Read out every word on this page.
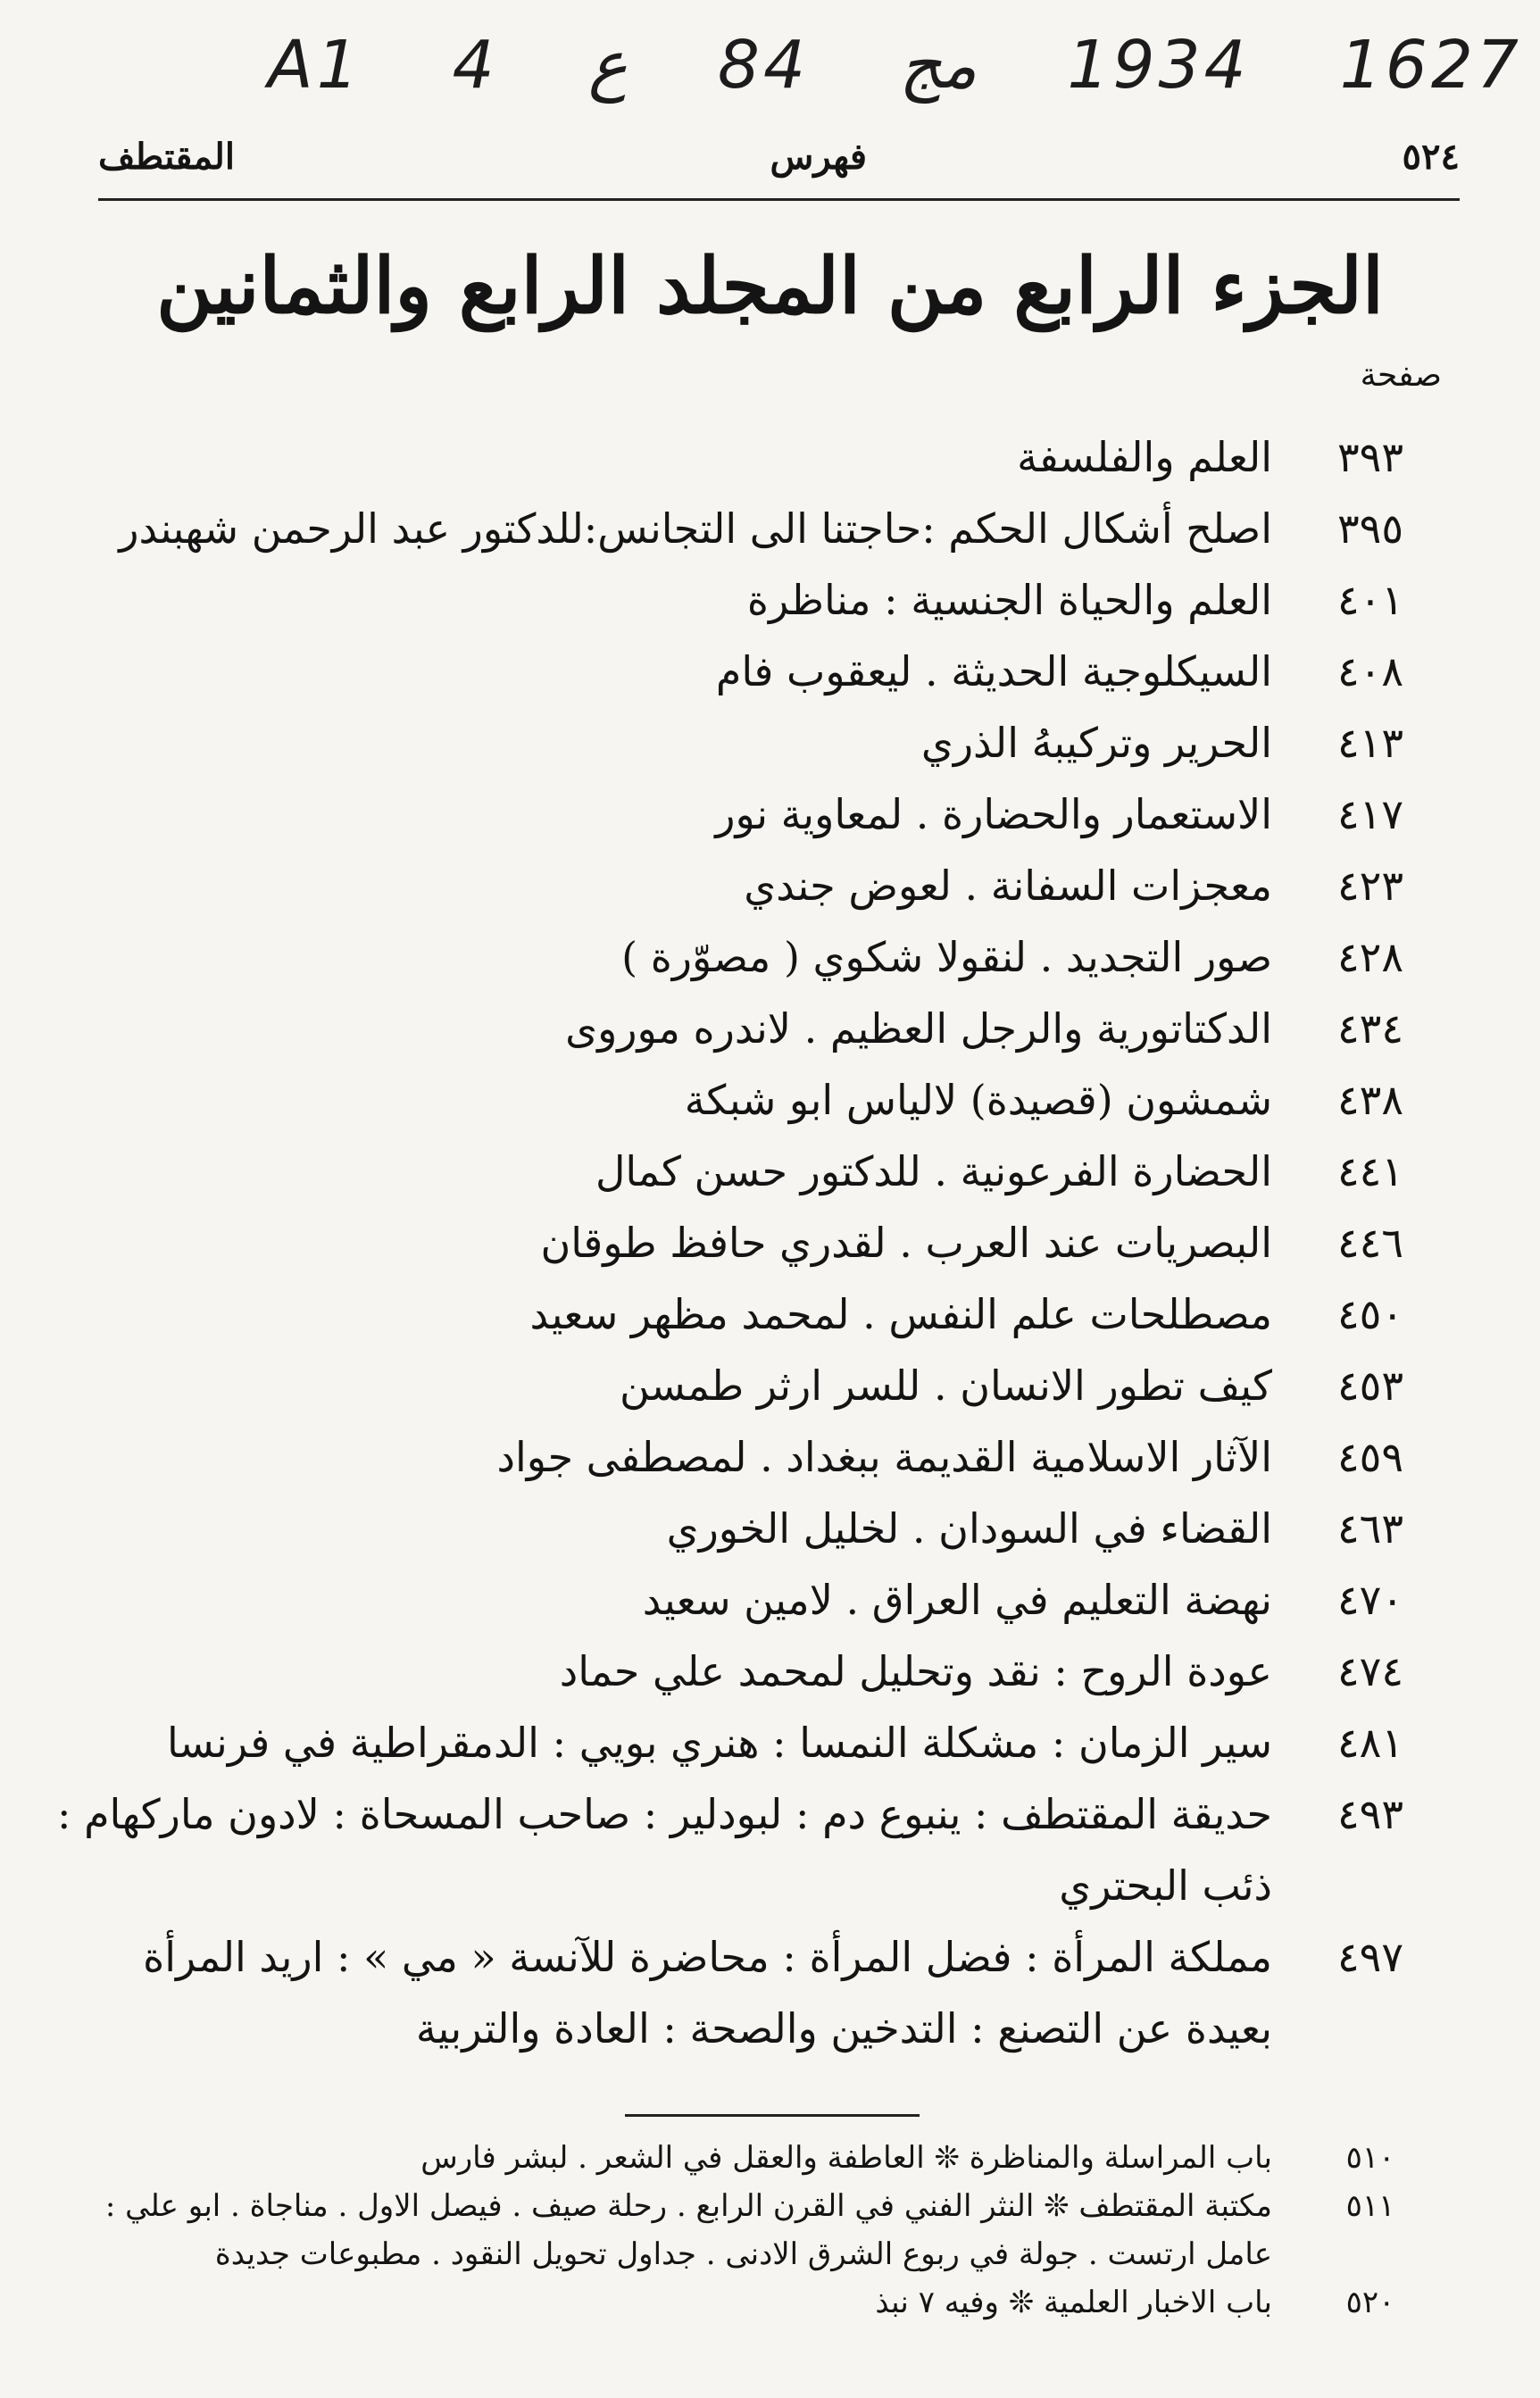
A1 4 ع 84 مج 1934 1627
٥٢٤
فهرس
المقتطف
الجزء الرابع من المجلد الرابع والثمانين
صفحة
٣٩٣
العلم والفلسفة
٣٩٥
اصلح أشكال الحكم :حاجتنا الى التجانس:للدكتور عبد الرحمن شهبندر
٤٠١
العلم والحياة الجنسية : مناظرة
٤٠٨
السيكلوجية الحديثة . ليعقوب فام
٤١٣
الحرير وتركيبهُ الذري
٤١٧
الاستعمار والحضارة . لمعاوية نور
٤٢٣
معجزات السفانة . لعوض جندي
٤٢٨
صور التجديد . لنقولا شكوي ( مصوّرة )
٤٣٤
الدكتاتورية والرجل العظيم . لاندره موروى
٤٣٨
شمشون (قصيدة) لالياس ابو شبكة
٤٤١
الحضارة الفرعونية . للدكتور حسن كمال
٤٤٦
البصريات عند العرب . لقدري حافظ طوقان
٤٥٠
مصطلحات علم النفس . لمحمد مظهر سعيد
٤٥٣
كيف تطور الانسان . للسر ارثر طمسن
٤٥٩
الآثار الاسلامية القديمة ببغداد . لمصطفى جواد
٤٦٣
القضاء في السودان . لخليل الخوري
٤٧٠
نهضة التعليم في العراق . لامين سعيد
٤٧٤
عودة الروح : نقد وتحليل لمحمد علي حماد
٤٨١
سير الزمان : مشكلة النمسا : هنري بويي : الدمقراطية في فرنسا
٤٩٣
حديقة المقتطف : ينبوع دم : لبودلير : صاحب المسحاة : لادون ماركهام : ذئب البحتري
٤٩٧
مملكة المرأة : فضل المرأة : محاضرة للآنسة « مي » : اريد المرأة بعيدة عن التصنع : التدخين والصحة : العادة والتربية
٥١٠
باب المراسلة والمناظرة ❊ العاطفة والعقل في الشعر . لبشر فارس
٥١١
مكتبة المقتطف ❊ النثر الفني في القرن الرابع . رحلة صيف . فيصل الاول . مناجاة . ابو علي : عامل ارتست . جولة في ربوع الشرق الادنى . جداول تحويل النقود . مطبوعات جديدة
٥٢٠
باب الاخبار العلمية ❊ وفيه ٧ نبذ
